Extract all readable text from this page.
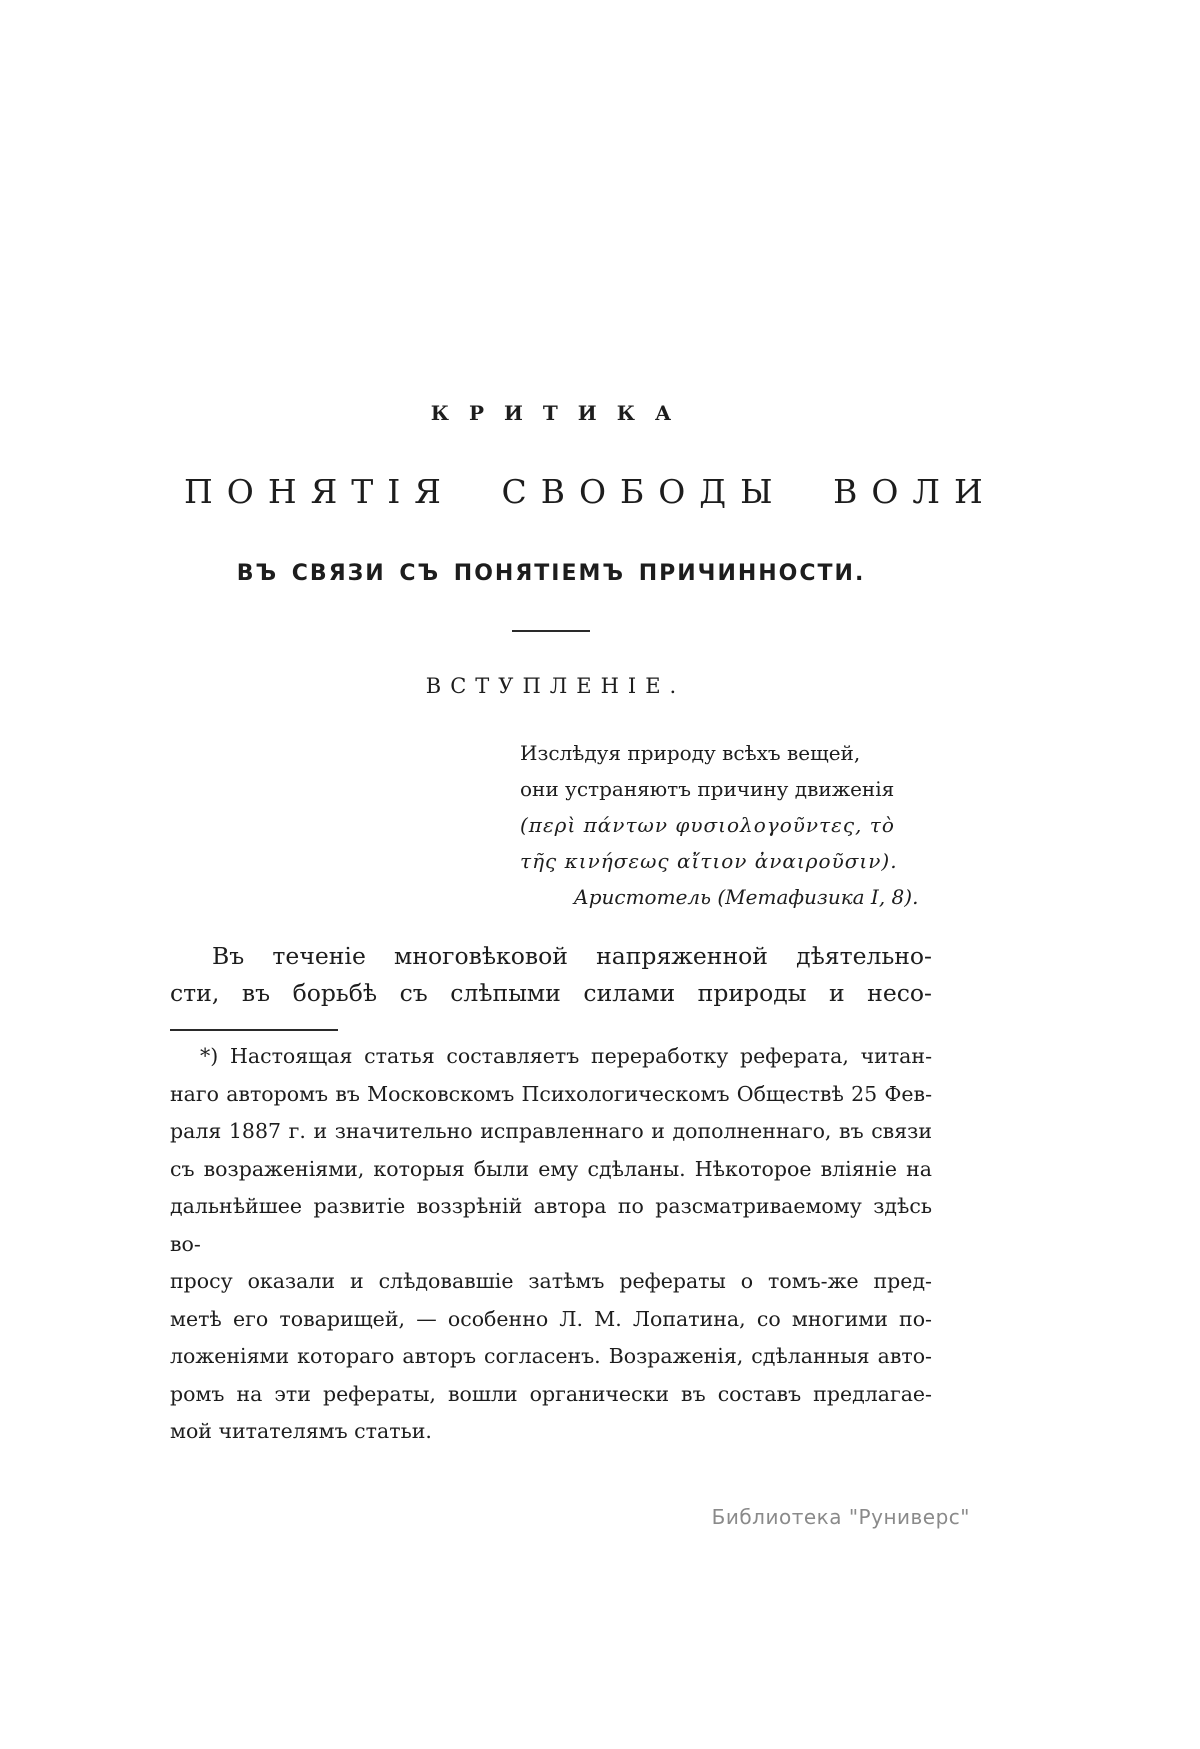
КРИТИКА
ПОНЯТІЯ СВОБОДЫ ВОЛИ
ВЪ СВЯЗИ СЪ ПОНЯТІЕМЪ ПРИЧИННОСТИ.
ВСТУПЛЕНІЕ.
Изслѣдуя природу всѣхъ вещей,
они устраняютъ причину движенія
(περὶ πάντων φυσιολογοῦντες, τὸ
τῆς κινήσεως αἴτιον ἀναιροῦσιν).
Аристотель (Метафизика I, 8).
Въ теченіе многовѣковой напряженной дѣятельно-
сти, въ борьбѣ съ слѣпыми силами природы и несо-
*) Настоящая статья составляетъ переработку реферата, читан-
наго авторомъ въ Московскомъ Психологическомъ Обществѣ 25 Фев-
раля 1887 г. и значительно исправленнаго и дополненнаго, въ связи
съ возраженіями, которыя были ему сдѣланы. Нѣкоторое вліяніе на
дальнѣйшее развитіе воззрѣній автора по разсматриваемому здѣсь во-
просу оказали и слѣдовавшіе затѣмъ рефераты о томъ-же пред-
метѣ его товарищей, — особенно Л. М. Лопатина, со многими по-
ложеніями котораго авторъ согласенъ. Возраженія, сдѣланныя авто-
ромъ на эти рефераты, вошли органически въ составъ предлагае-
мой читателямъ статьи.
Библиотека "Руниверс"
